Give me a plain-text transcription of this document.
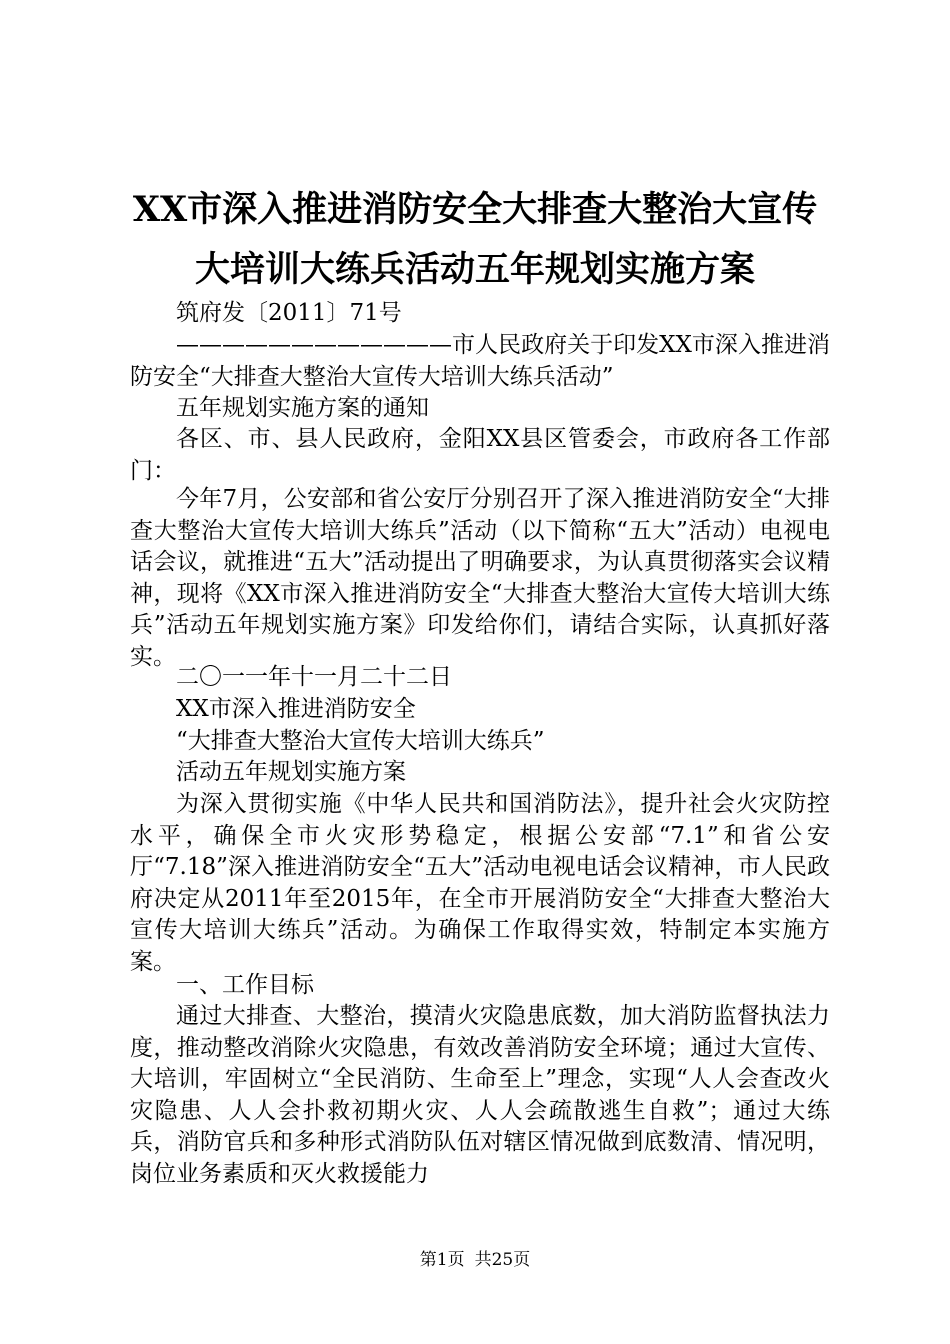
XX市深入推进消防安全大排查大整治大宣传
大培训大练兵活动五年规划实施方案
筑府发〔2011〕71号
————————————市人民政府关于印发XX市深入推进消防安全“大排查大整治大宣传大培训大练兵活动”
五年规划实施方案的通知
各区、市、县人民政府，金阳XX县区管委会，市政府各工作部门：
今年7月，公安部和省公安厅分别召开了深入推进消防安全“大排查大整治大宣传大培训大练兵”活动（以下简称“五大”活动）电视电话会议，就推进“五大”活动提出了明确要求，为认真贯彻落实会议精神，现将《XX市深入推进消防安全“大排查大整治大宣传大培训大练兵”活动五年规划实施方案》印发给你们，请结合实际，认真抓好落实。
二〇一一年十一月二十二日
XX市深入推进消防安全
“大排查大整治大宣传大培训大练兵”
活动五年规划实施方案
为深入贯彻实施《中华人民共和国消防法》，提升社会火灾防控水平，确保全市火灾形势稳定，根据公安部“7.1”和省公安厅“7.18”深入推进消防安全“五大”活动电视电话会议精神，市人民政府决定从2011年至2015年，在全市开展消防安全“大排查大整治大宣传大培训大练兵”活动。为确保工作取得实效，特制定本实施方案。
一、工作目标
通过大排查、大整治，摸清火灾隐患底数，加大消防监督执法力度，推动整改消除火灾隐患，有效改善消防安全环境；通过大宣传、大培训，牢固树立“全民消防、生命至上”理念，实现“人人会查改火灾隐患、人人会扑救初期火灾、人人会疏散逃生自救”；通过大练兵，消防官兵和多种形式消防队伍对辖区情况做到底数清、情况明，岗位业务素质和灭火救援能力
第1页 共25页
